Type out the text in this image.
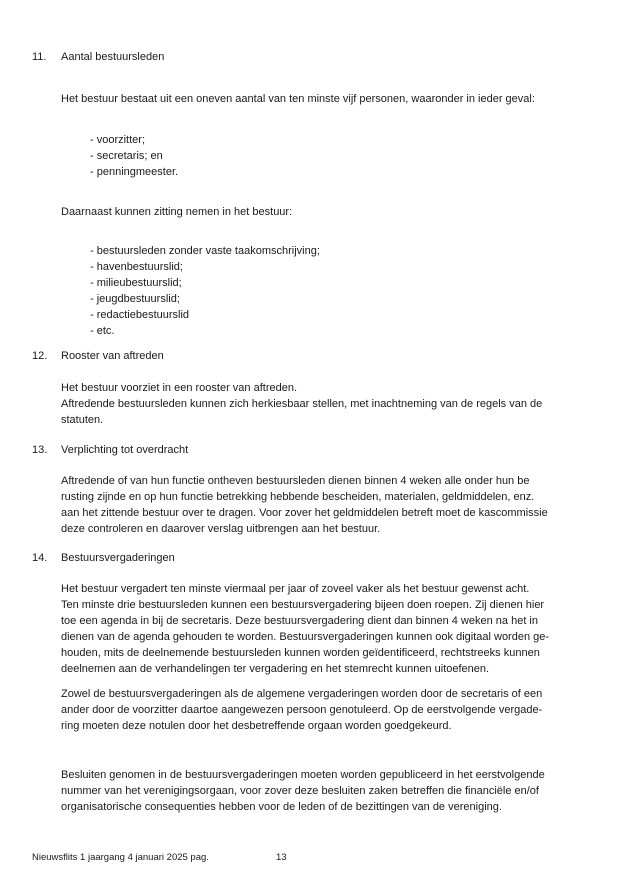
11. Aantal bestuursleden
Het bestuur bestaat uit een oneven aantal van ten minste vijf personen, waaronder in ieder geval:
- voorzitter;
- secretaris; en
- penningmeester.
Daarnaast kunnen zitting nemen in het bestuur:
- bestuursleden zonder vaste taakomschrijving;
- havenbestuurslid;
- milieubestuurslid;
- jeugdbestuurslid;
- redactiebestuurslid
- etc.
12. Rooster van aftreden
Het bestuur voorziet in een rooster van aftreden.
Aftredende bestuursleden kunnen zich herkiesbaar stellen, met inachtneming van de regels van de
statuten.
13. Verplichting tot overdracht
Aftredende of van hun functie ontheven bestuursleden dienen binnen 4 weken alle onder hun be
rusting zijnde en op hun functie betrekking hebbende bescheiden, materialen, geldmiddelen, enz.
aan het zittende bestuur over te dragen. Voor zover het geldmiddelen betreft moet de kascommissie
deze controleren en daarover verslag uitbrengen aan het bestuur.
14. Bestuursvergaderingen
Het bestuur vergadert ten minste viermaal per jaar of zoveel vaker als het bestuur gewenst acht.
Ten minste drie bestuursleden kunnen een bestuursvergadering bijeen doen roepen. Zij dienen hier
toe een agenda in bij de secretaris. Deze bestuursvergadering dient dan binnen 4 weken na het in
dienen van de agenda gehouden te worden. Bestuursvergaderingen kunnen ook digitaal worden ge-
houden, mits de deelnemende bestuursleden kunnen worden geïdentificeerd, rechtstreeks kunnen
deelnemen aan de verhandelingen ter vergadering en het stemrecht kunnen uitoefenen.
Zowel de bestuursvergaderingen als de algemene vergaderingen worden door de secretaris of een
ander door de voorzitter daartoe aangewezen persoon genotuleerd. Op de eerstvolgende vergade-
ring moeten deze notulen door het desbetreffende orgaan worden goedgekeurd.
Besluiten genomen in de bestuursvergaderingen moeten worden gepubliceerd in het eerstvolgende
nummer van het verenigingsorgaan, voor zover deze besluiten zaken betreffen die financiële en/of
organisatorische consequenties hebben voor de leden of de bezittingen van de vereniging.
Nieuwsflits 1 jaargang 4 januari 2025 pag.	13
